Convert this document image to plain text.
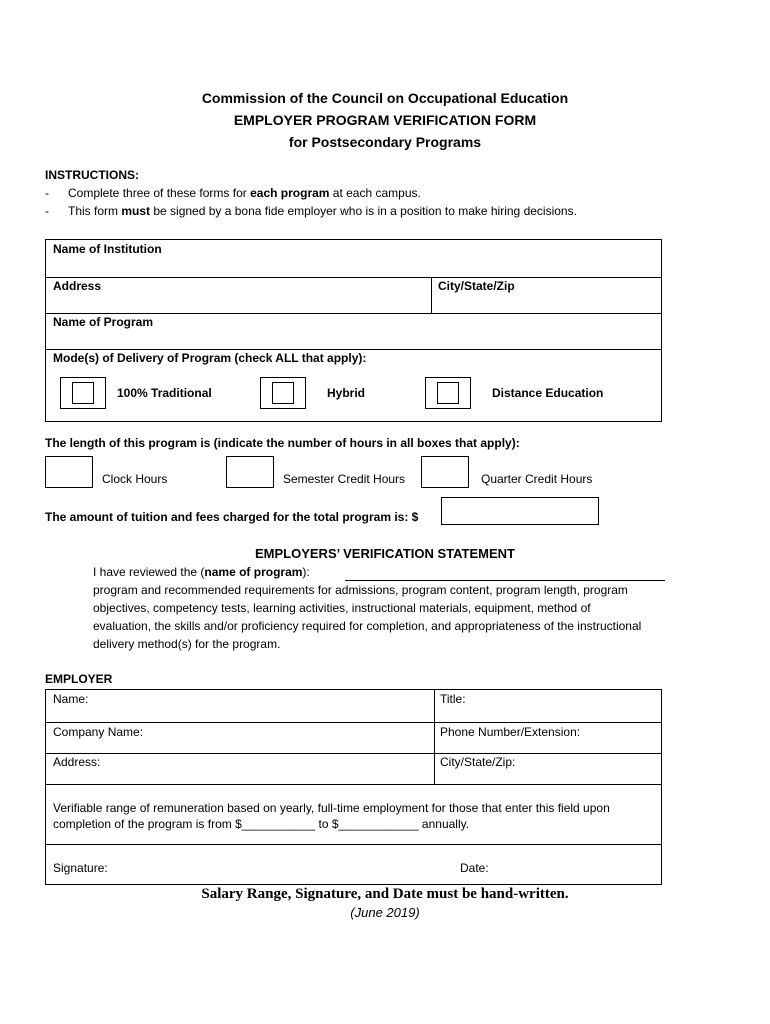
Commission of the Council on Occupational Education
EMPLOYER PROGRAM VERIFICATION FORM
for Postsecondary Programs
INSTRUCTIONS:
- Complete three of these forms for each program at each campus.
- This form must be signed by a bona fide employer who is in a position to make hiring decisions.
Name of Institution
Address	City/State/Zip
Name of Program
Mode(s) of Delivery of Program (check ALL that apply):
100% Traditional	Hybrid	Distance Education
The length of this program is (indicate the number of hours in all boxes that apply):
Clock Hours	Semester Credit Hours	Quarter Credit Hours
The amount of tuition and fees charged for the total program is: $
EMPLOYERS’ VERIFICATION STATEMENT
I have reviewed the (name of program):
program and recommended requirements for admissions, program content, program length, program
objectives, competency tests, learning activities, instructional materials, equipment, method of
evaluation, the skills and/or proficiency required for completion, and appropriateness of the instructional
delivery method(s) for the program.
EMPLOYER
Name:	Title:
Company Name:	Phone Number/Extension:
Address:	City/State/Zip:
Verifiable range of remuneration based on yearly, full-time employment for those that enter this field upon
completion of the program is from $___________ to $____________ annually.
Signature:	Date:
Salary Range, Signature, and Date must be hand-written.
(June 2019)
